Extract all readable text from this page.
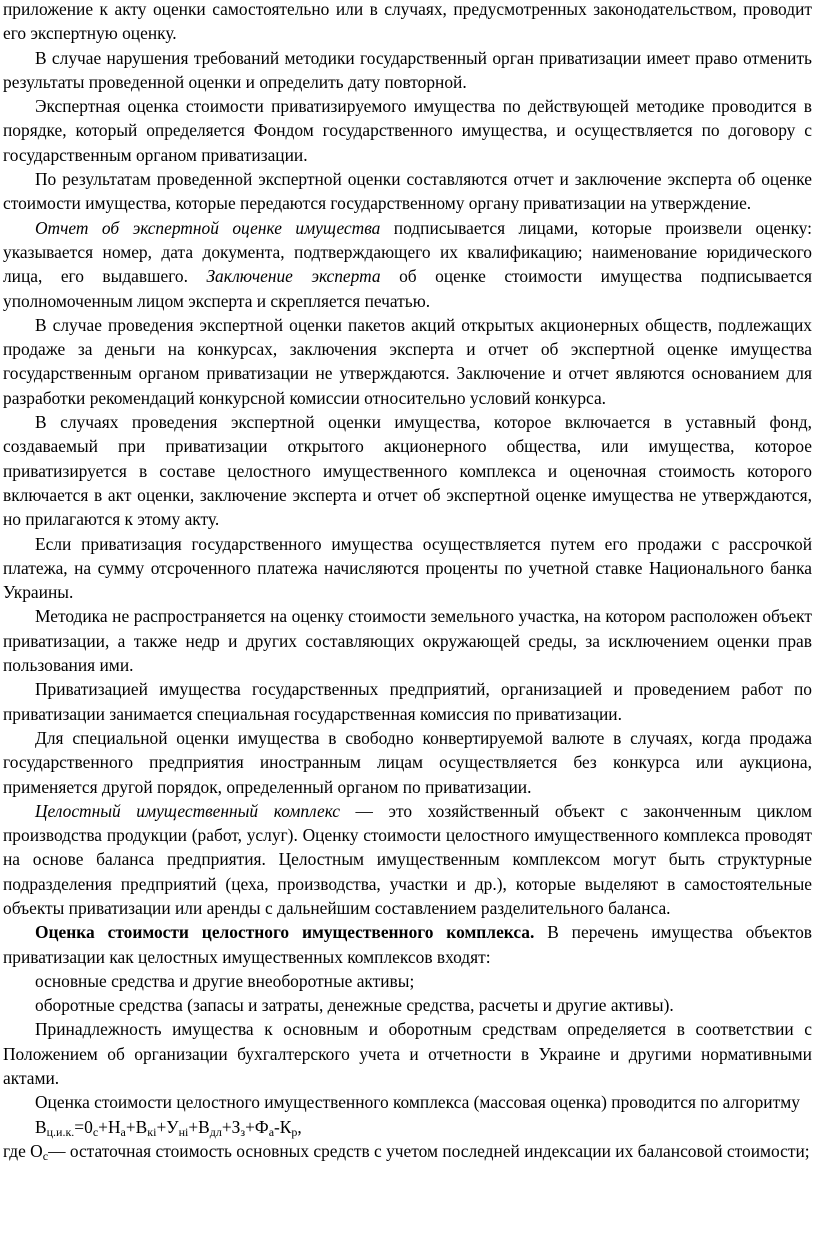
приложение к акту оценки самостоятельно или в случаях, предусмотренных законодательством, проводит его экспертную оценку.

В случае нарушения требований методики государственный орган приватизации имеет право отменить результаты проведенной оценки и определить дату повторной.

Экспертная оценка стоимости приватизируемого имущества по действующей методике проводится в порядке, который определяется Фондом государственного имущества, и осуществляется по договору с государственным органом приватизации.

По результатам проведенной экспертной оценки составляются отчет и заключение эксперта об оценке стоимости имущества, которые передаются государственному органу приватизации на утверждение.

Отчет об экспертной оценке имущества подписывается лицами, которые произвели оценку: указывается номер, дата документа, подтверждающего их квалификацию; наименование юридического лица, его выдавшего. Заключение эксперта об оценке стоимости имущества подписывается уполномоченным лицом эксперта и скрепляется печатью.

В случае проведения экспертной оценки пакетов акций открытых акционерных обществ, подлежащих продаже за деньги на конкурсах, заключения эксперта и отчет об экспертной оценке имущества государственным органом приватизации не утверждаются. Заключение и отчет являются основанием для разработки рекомендаций конкурсной комиссии относительно условий конкурса.

В случаях проведения экспертной оценки имущества, которое включается в уставный фонд, создаваемый при приватизации открытого акционерного общества, или имущества, которое приватизируется в составе целостного имущественного комплекса и оценочная стоимость которого включается в акт оценки, заключение эксперта и отчет об экспертной оценке имущества не утверждаются, но прилагаются к этому акту.

Если приватизация государственного имущества осуществляется путем его продажи с рассрочкой платежа, на сумму отсроченного платежа начисляются проценты по учетной ставке Национального банка Украины.

Методика не распространяется на оценку стоимости земельного участка, на котором расположен объект приватизации, а также недр и других составляющих окружающей среды, за исключением оценки прав пользования ими.

Приватизацией имущества государственных предприятий, организацией и проведением работ по приватизации занимается специальная государственная комиссия по приватизации.

Для специальной оценки имущества в свободно конвертируемой валюте в случаях, когда продажа государственного предприятия иностранным лицам осуществляется без конкурса или аукциона, применяется другой порядок, определенный органом по приватизации.

Целостный имущественный комплекс — это хозяйственный объект с законченным циклом производства продукции (работ, услуг). Оценку стоимости целостного имущественного комплекса проводят на основе баланса предприятия. Целостным имущественным комплексом могут быть структурные подразделения предприятий (цеха, производства, участки и др.), которые выделяют в самостоятельные объекты приватизации или аренды с дальнейшим составлением разделительного баланса.

Оценка стоимости целостного имущественного комплекса. В перечень имущества объектов приватизации как целостных имущественных комплексов входят:

основные средства и другие внеоборотные активы;

оборотные средства (запасы и затраты, денежные средства, расчеты и другие активы).

Принадлежность имущества к основным и оборотным средствам определяется в соответствии с Положением об организации бухгалтерского учета и отчетности в Украине и другими нормативными актами.

Оценка стоимости целостного имущественного комплекса (массовая оценка) проводится по алгоритму

$В_{ц.и.к.}=0_с+Н_а+В_{кі}+У_{ні}+В_{дл}+З_з+Ф_а-К_р$,

где $О_с—$ остаточная стоимость основных средств с учетом последней индексации их балансовой стоимости;
